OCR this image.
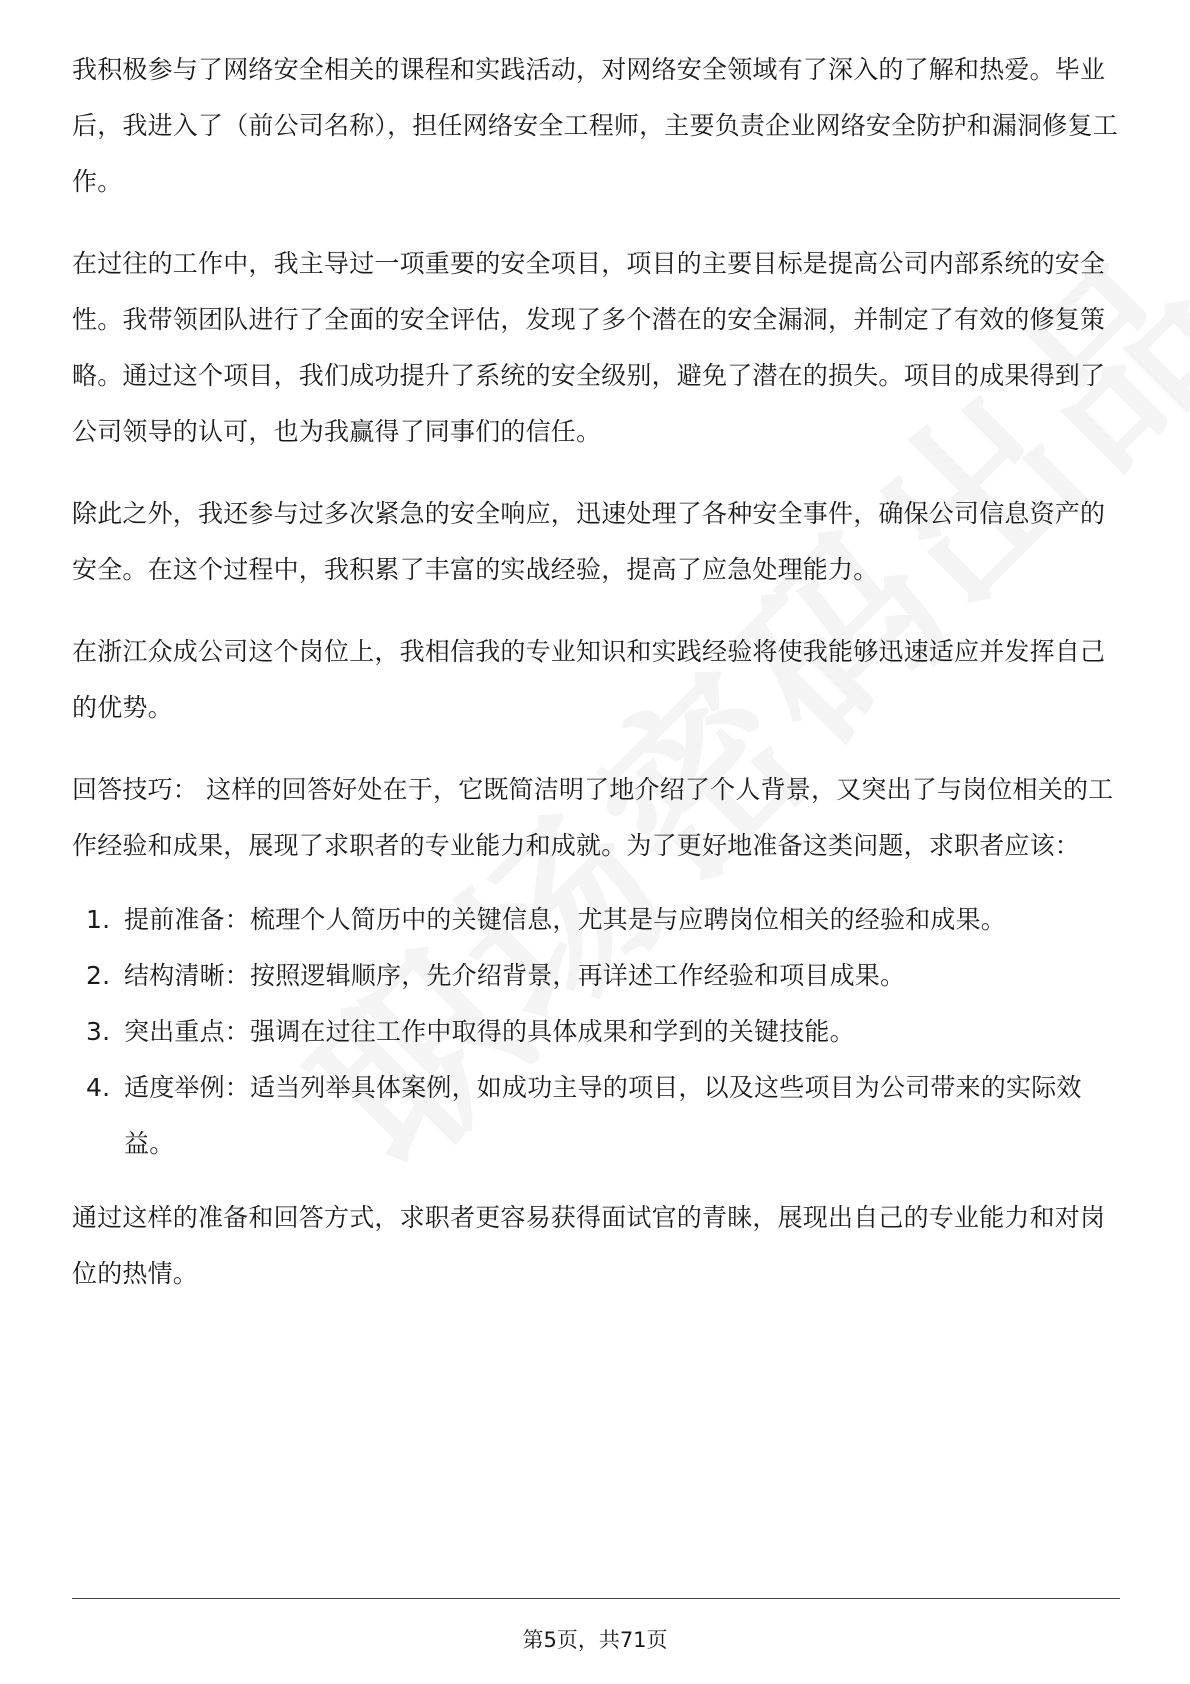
我积极参与了网络安全相关的课程和实践活动，对网络安全领域有了深入的了解和热爱。毕业后，我进入了（前公司名称），担任网络安全工程师，主要负责企业网络安全防护和漏洞修复工作。

在过往的工作中，我主导过一项重要的安全项目，项目的主要目标是提高公司内部系统的安全性。我带领团队进行了全面的安全评估，发现了多个潜在的安全漏洞，并制定了有效的修复策略。通过这个项目，我们成功提升了系统的安全级别，避免了潜在的损失。项目的成果得到了公司领导的认可，也为我赢得了同事们的信任。

除此之外，我还参与过多次紧急的安全响应，迅速处理了各种安全事件，确保公司信息资产的安全。在这个过程中，我积累了丰富的实战经验，提高了应急处理能力。

在浙江众成公司这个岗位上，我相信我的专业知识和实践经验将使我能够迅速适应并发挥自己的优势。

回答技巧： 这样的回答好处在于，它既简洁明了地介绍了个人背景，又突出了与岗位相关的工作经验和成果，展现了求职者的专业能力和成就。为了更好地准备这类问题，求职者应该：

1. 提前准备：梳理个人简历中的关键信息，尤其是与应聘岗位相关的经验和成果。
2. 结构清晰：按照逻辑顺序，先介绍背景，再详述工作经验和项目成果。
3. 突出重点：强调在过往工作中取得的具体成果和学到的关键技能。
4. 适度举例：适当列举具体案例，如成功主导的项目，以及这些项目为公司带来的实际效益。

通过这样的准备和回答方式，求职者更容易获得面试官的青睐，展现出自己的专业能力和对岗位的热情。

第5页，共71页
